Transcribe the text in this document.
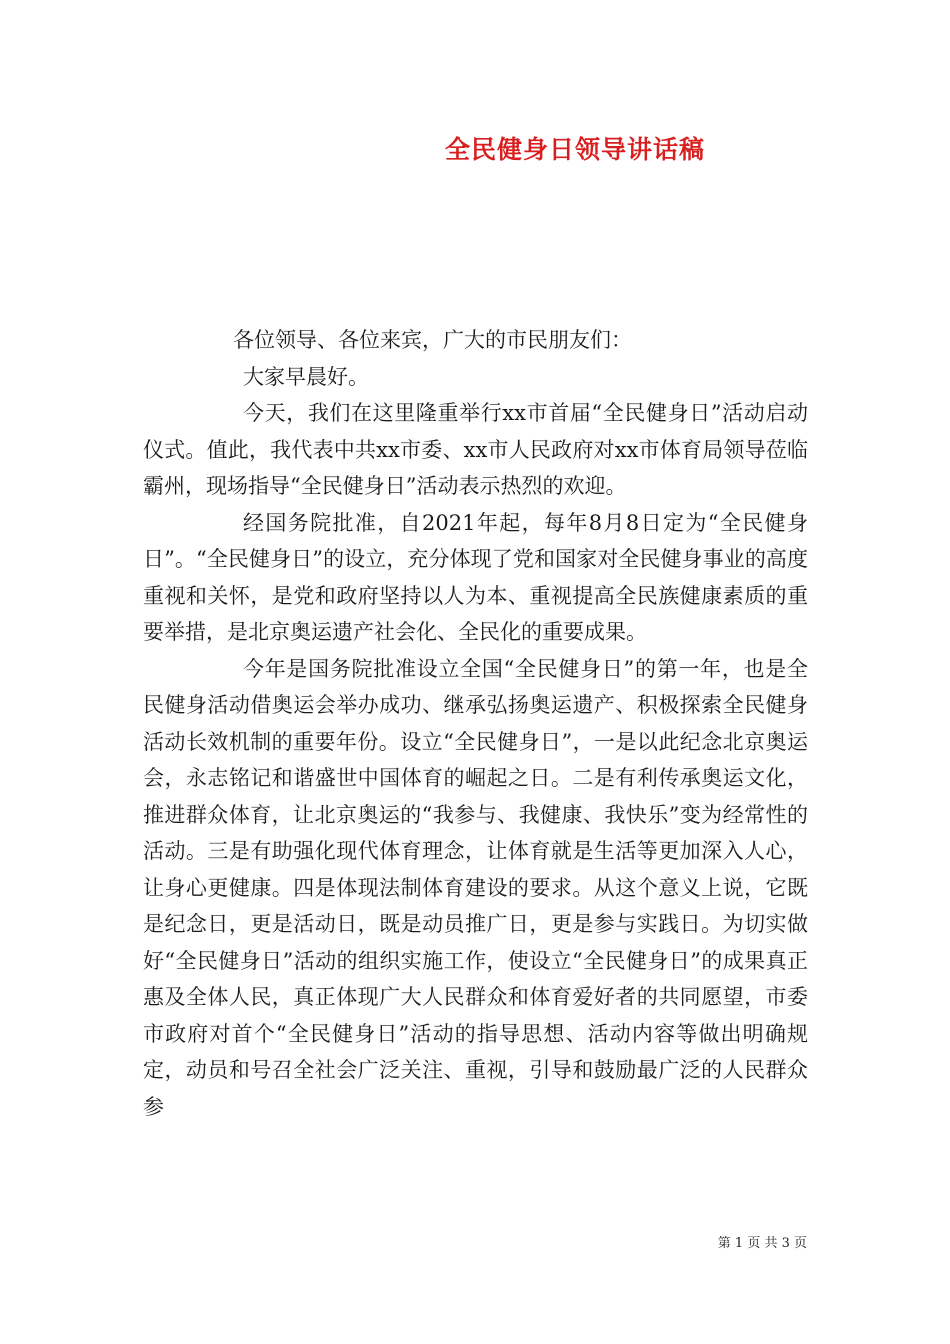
全民健身日领导讲话稿

各位领导、各位来宾，广大的市民朋友们：

大家早晨好。

今天，我们在这里隆重举行xx市首届“全民健身日”活动启动仪式。值此，我代表中共xx市委、xx市人民政府对xx市体育局领导莅临霸州，现场指导“全民健身日”活动表示热烈的欢迎。

经国务院批准，自2021年起，每年8月8日定为“全民健身日”。“全民健身日”的设立，充分体现了党和国家对全民健身事业的高度重视和关怀，是党和政府坚持以人为本、重视提高全民族健康素质的重要举措，是北京奥运遗产社会化、全民化的重要成果。

今年是国务院批准设立全国“全民健身日”的第一年，也是全民健身活动借奥运会举办成功、继承弘扬奥运遗产、积极探索全民健身活动长效机制的重要年份。设立“全民健身日”，一是以此纪念北京奥运会，永志铭记和谐盛世中国体育的崛起之日。二是有利传承奥运文化，推进群众体育，让北京奥运的“我参与、我健康、我快乐”变为经常性的活动。三是有助强化现代体育理念，让体育就是生活等更加深入人心，让身心更健康。四是体现法制体育建设的要求。从这个意义上说，它既是纪念日，更是活动日，既是动员推广日，更是参与实践日。为切实做好“全民健身日”活动的组织实施工作，使设立“全民健身日”的成果真正惠及全体人民，真正体现广大人民群众和体育爱好者的共同愿望，市委市政府对首个“全民健身日”活动的指导思想、活动内容等做出明确规定，动员和号召全社会广泛关注、重视，引导和鼓励最广泛的人民群众参

第 1 页 共 3 页
